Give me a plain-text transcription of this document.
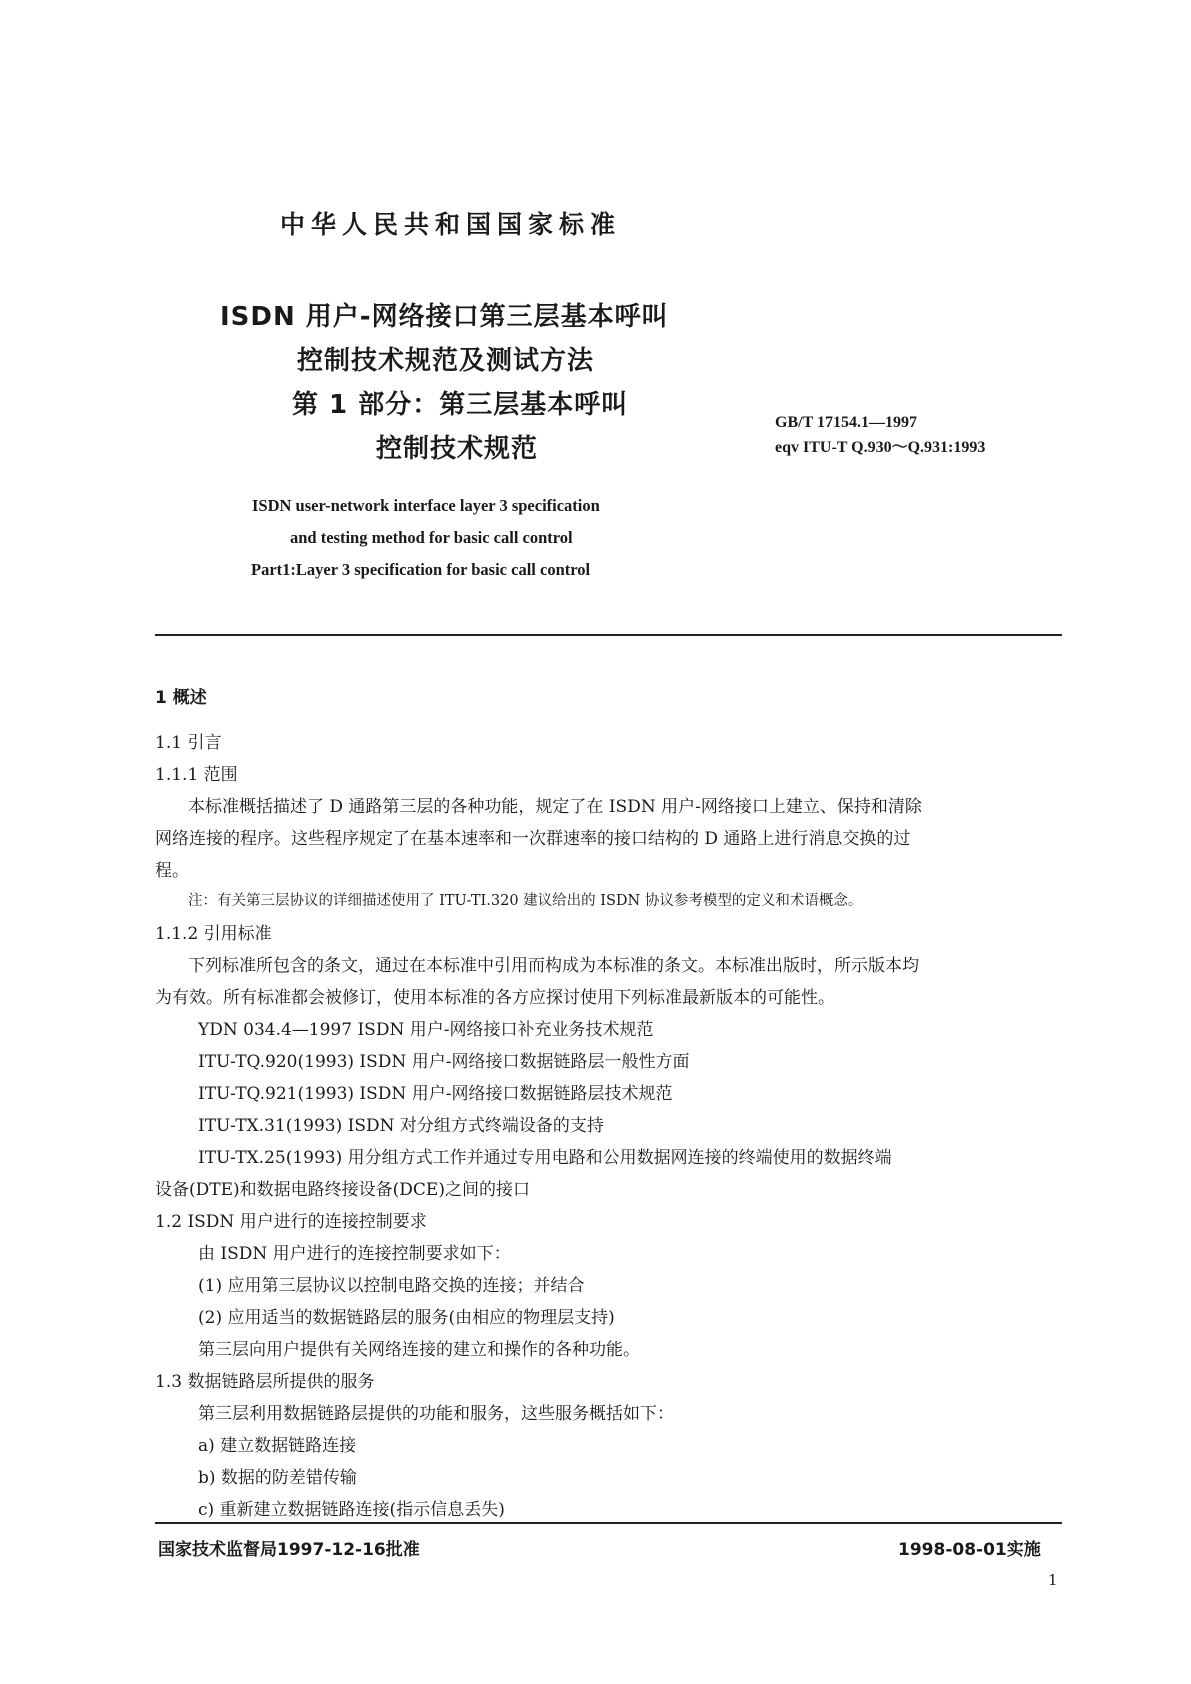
中华人民共和国国家标准
ISDN 用户-网络接口第三层基本呼叫
控制技术规范及测试方法
第 1 部分：第三层基本呼叫
控制技术规范
GB/T 17154.1—1997
eqv ITU-T Q.930～Q.931:1993
ISDN user-network interface layer 3 specification
and testing method for basic call control
Part1:Layer 3 specification for basic call control
1 概述
1.1 引言
1.1.1 范围
本标准概括描述了 D 通路第三层的各种功能，规定了在 ISDN 用户-网络接口上建立、保持和清除
网络连接的程序。这些程序规定了在基本速率和一次群速率的接口结构的 D 通路上进行消息交换的过
程。
注：有关第三层协议的详细描述使用了 ITU-TI.320 建议给出的 ISDN 协议参考模型的定义和术语概念。
1.1.2 引用标准
下列标准所包含的条文，通过在本标准中引用而构成为本标准的条文。本标准出版时，所示版本均
为有效。所有标准都会被修订，使用本标准的各方应探讨使用下列标准最新版本的可能性。
YDN 034.4—1997 ISDN 用户-网络接口补充业务技术规范
ITU-TQ.920(1993) ISDN 用户-网络接口数据链路层一般性方面
ITU-TQ.921(1993) ISDN 用户-网络接口数据链路层技术规范
ITU-TX.31(1993) ISDN 对分组方式终端设备的支持
ITU-TX.25(1993) 用分组方式工作并通过专用电路和公用数据网连接的终端使用的数据终端
设备(DTE)和数据电路终接设备(DCE)之间的接口
1.2 ISDN 用户进行的连接控制要求
由 ISDN 用户进行的连接控制要求如下：
(1) 应用第三层协议以控制电路交换的连接；并结合
(2) 应用适当的数据链路层的服务(由相应的物理层支持)
第三层向用户提供有关网络连接的建立和操作的各种功能。
1.3 数据链路层所提供的服务
第三层利用数据链路层提供的功能和服务，这些服务概括如下：
a) 建立数据链路连接
b) 数据的防差错传输
c) 重新建立数据链路连接(指示信息丢失)
国家技术监督局1997-12-16批准	1998-08-01实施
1
